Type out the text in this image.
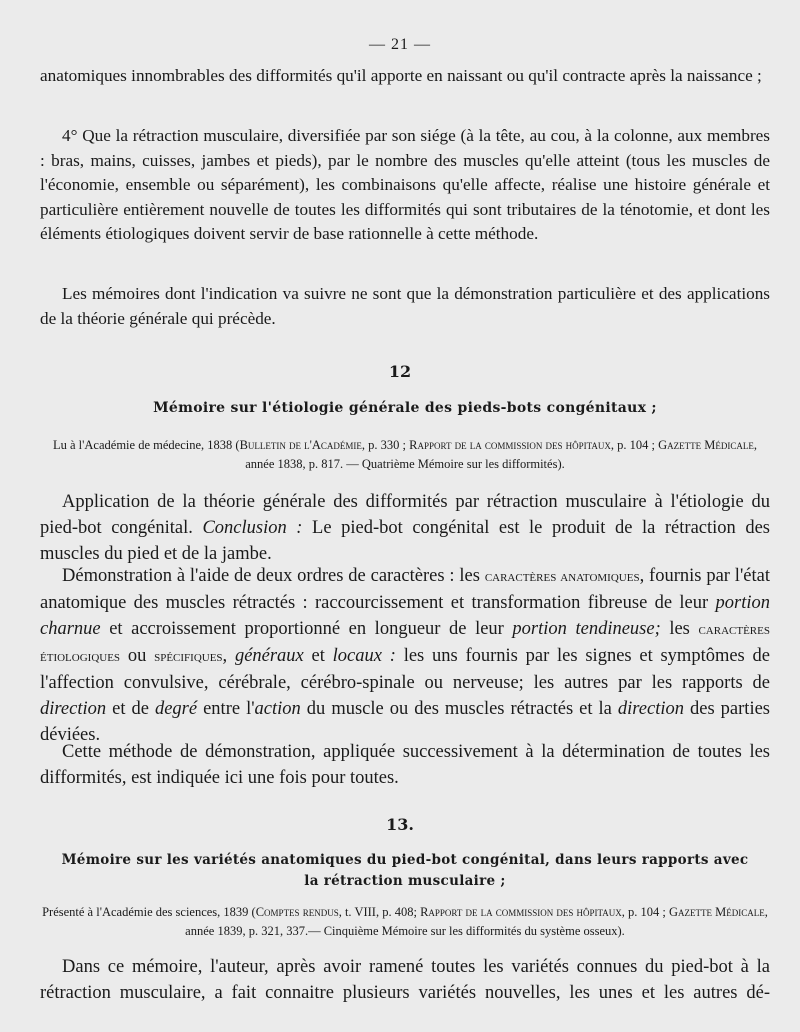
— 21 —
anatomiques innombrables des difformités qu'il apporte en naissant ou qu'il contracte après la naissance ;
4° Que la rétraction musculaire, diversifiée par son siége (à la tête, au cou, à la colonne, aux membres : bras, mains, cuisses, jambes et pieds), par le nombre des muscles qu'elle atteint (tous les muscles de l'économie, ensemble ou séparément), les combinaisons qu'elle affecte, réalise une histoire générale et particulière entièrement nouvelle de toutes les difformités qui sont tributaires de la ténotomie, et dont les éléments étiologiques doivent servir de base rationnelle à cette méthode.
Les mémoires dont l'indication va suivre ne sont que la démonstration particulière et des applications de la théorie générale qui précède.
12
Mémoire sur l'étiologie générale des pieds-bots congénitaux ;
Lu à l'Académie de médecine, 1838 (Bulletin de l'Académie, p. 330 ; Rapport de la commission des hôpitaux, p. 104 ; Gazette Médicale, année 1838, p. 817. — Quatrième Mémoire sur les difformités).
Application de la théorie générale des difformités par rétraction musculaire à l'étiologie du pied-bot congénital. Conclusion : Le pied-bot congénital est le produit de la rétraction des muscles du pied et de la jambe.
Démonstration à l'aide de deux ordres de caractères : les caractères anatomiques, fournis par l'état anatomique des muscles rétractés : raccourcissement et transformation fibreuse de leur portion charnue et accroissement proportionné en longueur de leur portion tendineuse; les caractères étiologiques ou spécifiques, généraux et locaux : les uns fournis par les signes et symptômes de l'affection convulsive, cérébrale, cérébro-spinale ou nerveuse; les autres par les rapports de direction et de degré entre l'action du muscle ou des muscles rétractés et la direction des parties déviées.
Cette méthode de démonstration, appliquée successivement à la détermination de toutes les difformités, est indiquée ici une fois pour toutes.
13.
Mémoire sur les variétés anatomiques du pied-bot congénital, dans leurs rapports avec
la rétraction musculaire ;
Présenté à l'Académie des sciences, 1839 (Comptes rendus, t. VIII, p. 408; Rapport de la commission des hôpitaux, p. 104 ; Gazette Médicale, année 1839, p. 321, 337.— Cinquième Mémoire sur les difformités du système osseux).
Dans ce mémoire, l'auteur, après avoir ramené toutes les variétés connues du pied-bot à la rétraction musculaire, a fait connaitre plusieurs variétés nouvelles, les unes et les autres dé-
